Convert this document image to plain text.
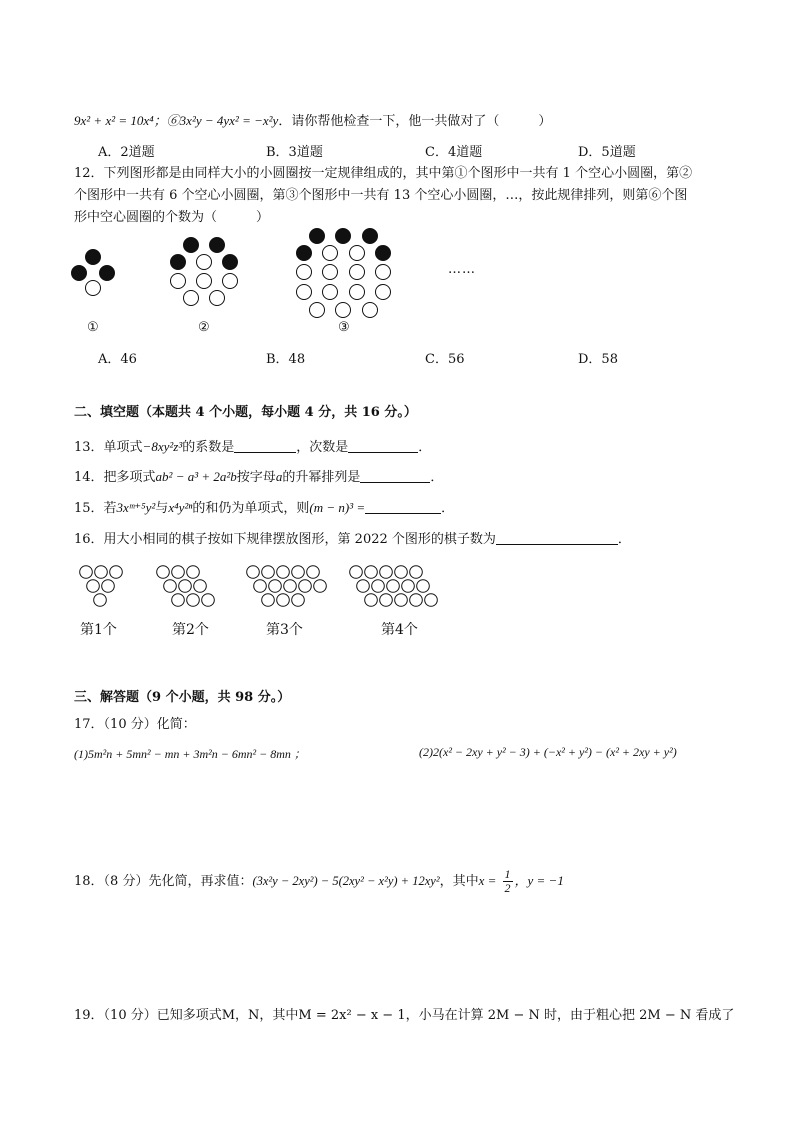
9x² + x² = 10x⁴；⑥3x²y − 4yx² = −x²y．请你帮他检查一下，他一共做对了（　　　）
A．2道题	B．3道题	C．4道题	D．5道题
12．下列图形都是由同样大小的小圆圈按一定规律组成的，其中第①个图形中一共有 1 个空心小圆圈，第②
个图形中一共有 6 个空心小圆圈，第③个图形中一共有 13 个空心小圆圈，…，按此规律排列，则第⑥个图
形中空心圆圈的个数为（　　　）
……
①	②	③
A．46	B．48	C．56	D．58
二、填空题（本题共 4 个小题，每小题 4 分，共 16 分。）
13．单项式−8xy²z³的系数是	，次数是	．
14．把多项式ab² − a³ + 2a²b按字母a的升幂排列是	．
15．若3xᵐ⁺⁵y²与x⁴y²ⁿ的和仍为单项式，则(m − n)³ =	．
16．用大小相同的棋子按如下规律摆放图形，第 2022 个图形的棋子数为	．
第1个	第2个	第3个	第4个
三、解答题（9 个小题，共 98 分。）
17．（10 分）化简：
(1)5m²n + 5mn² − mn + 3m²n − 6mn² − 8mn ；	(2)2(x² − 2xy + y² − 3) + (−x² + y²) − (x² + 2xy + y²)
18．（8 分）先化简，再求值：(3x²y − 2xy²) − 5(2xy² − x²y) + 12xy²，其中$x = \frac{1}{2}$ ，y = −1
19．（10 分）已知多项式M，N，其中M = 2x² − x − 1，小马在计算 2M − N 时，由于粗心把 2M − N 看成了
